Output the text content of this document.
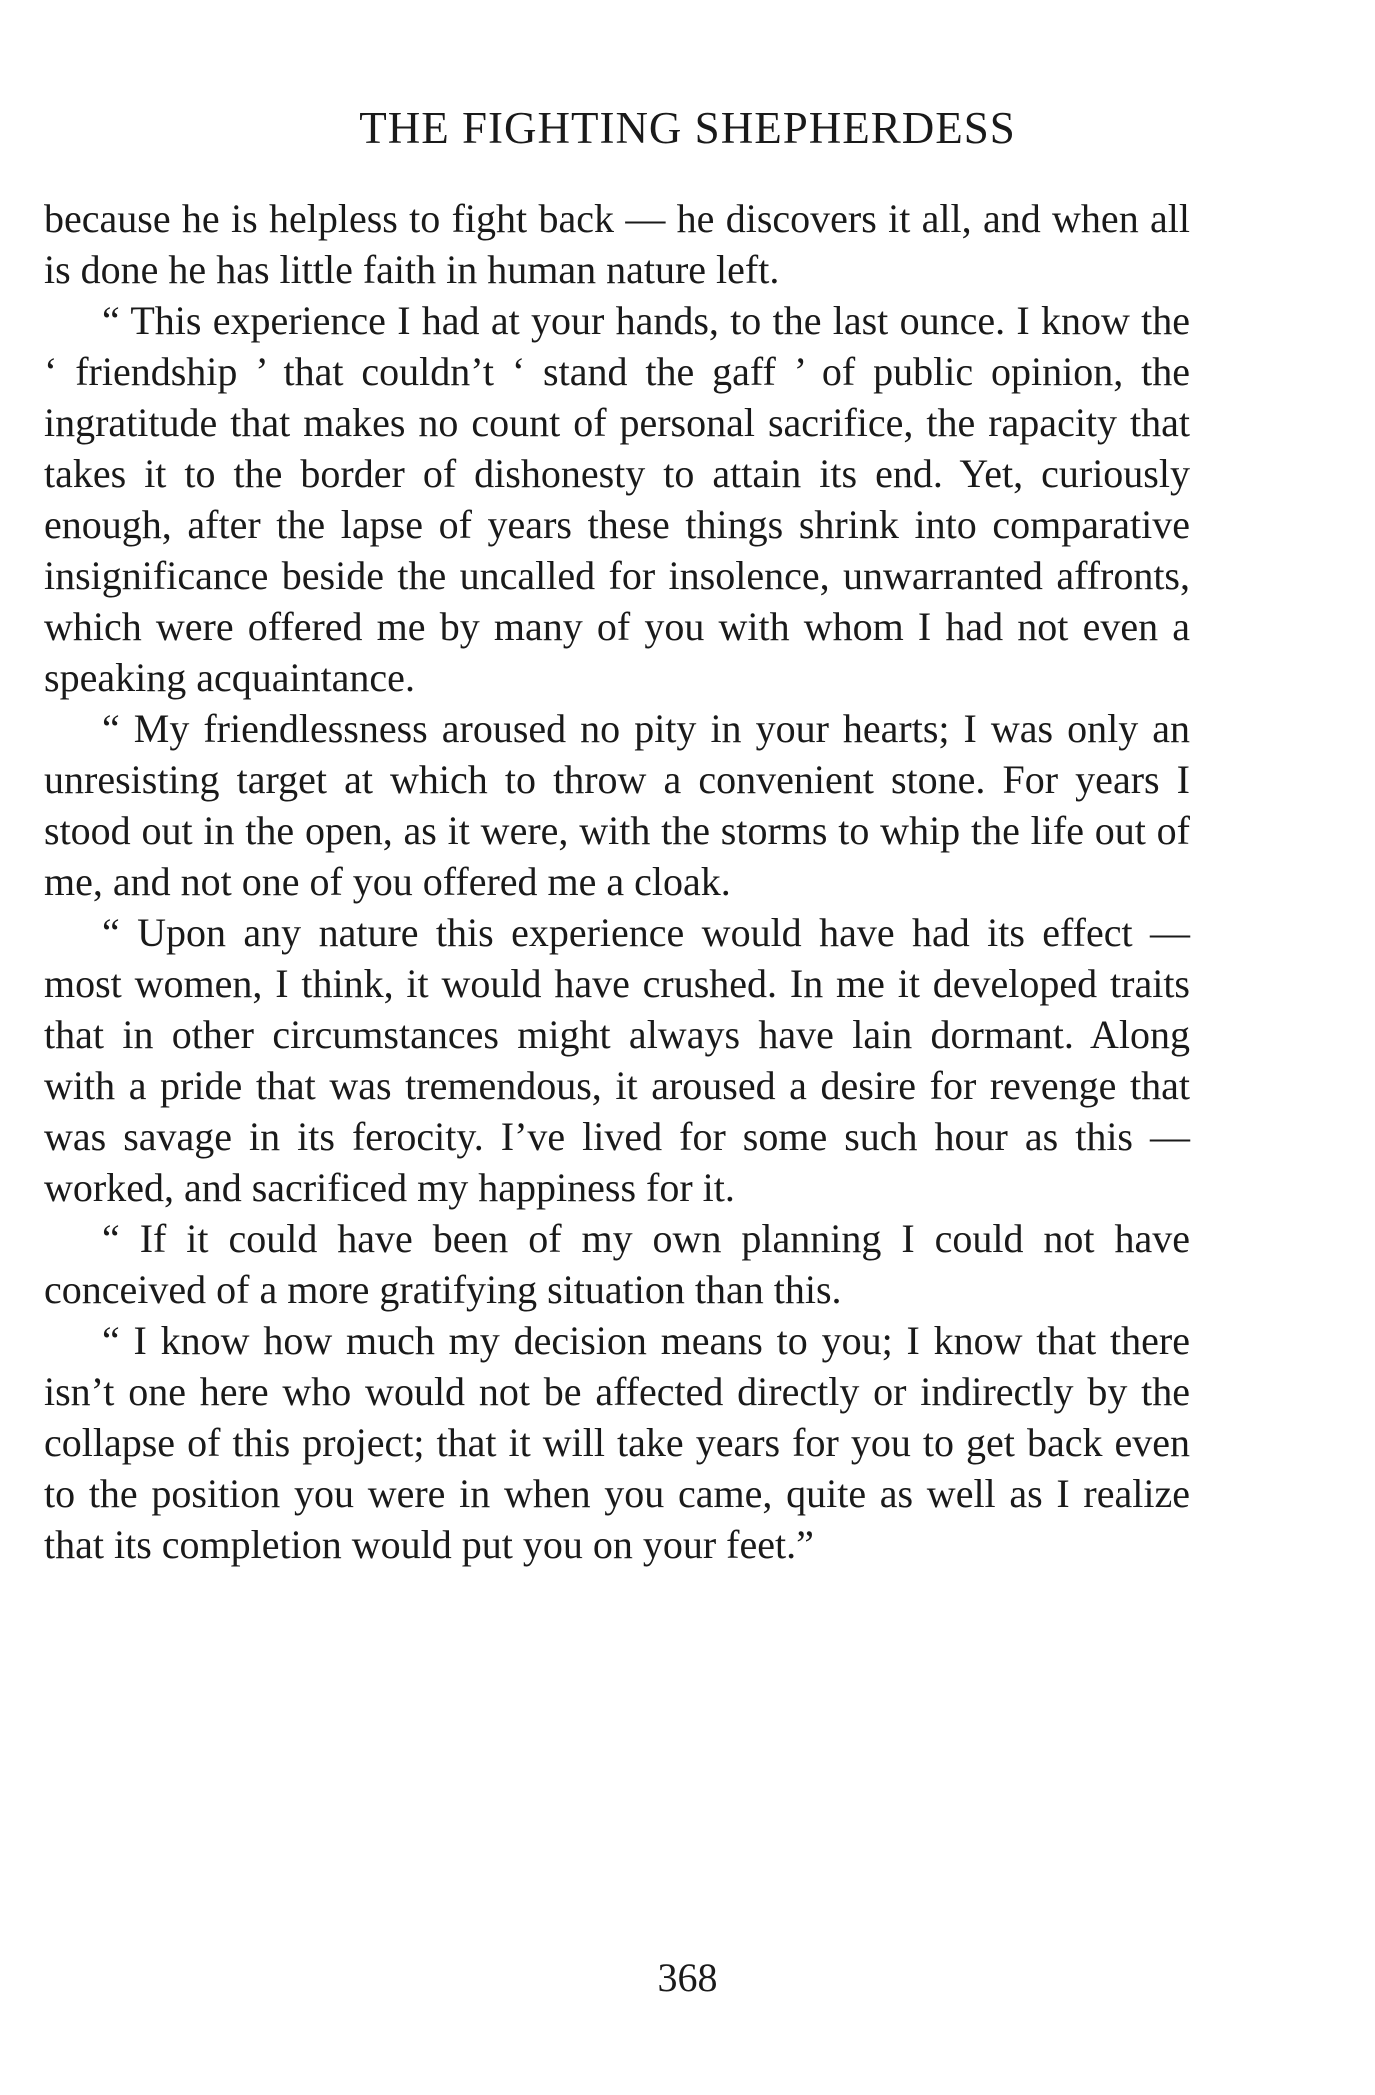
THE FIGHTING SHEPHERDESS

because he is helpless to fight back — he discovers it all, and when all is done he has little faith in human nature left.

“ This experience I had at your hands, to the last ounce. I know the ‘ friendship ’ that couldn’t ‘ stand the gaff ’ of public opinion, the ingratitude that makes no count of personal sacrifice, the rapacity that takes it to the border of dishonesty to attain its end. Yet, curiously enough, after the lapse of years these things shrink into comparative insignificance beside the uncalled for insolence, unwarranted affronts, which were offered me by many of you with whom I had not even a speaking acquaintance.

“ My friendlessness aroused no pity in your hearts; I was only an unresisting target at which to throw a convenient stone. For years I stood out in the open, as it were, with the storms to whip the life out of me, and not one of you offered me a cloak.

“ Upon any nature this experience would have had its effect — most women, I think, it would have crushed. In me it developed traits that in other circumstances might always have lain dormant. Along with a pride that was tremendous, it aroused a desire for revenge that was savage in its ferocity. I’ve lived for some such hour as this — worked, and sacrificed my happiness for it.

“ If it could have been of my own planning I could not have conceived of a more gratifying situation than this.

“ I know how much my decision means to you; I know that there isn’t one here who would not be affected directly or indirectly by the collapse of this project; that it will take years for you to get back even to the position you were in when you came, quite as well as I realize that its completion would put you on your feet.”

368
